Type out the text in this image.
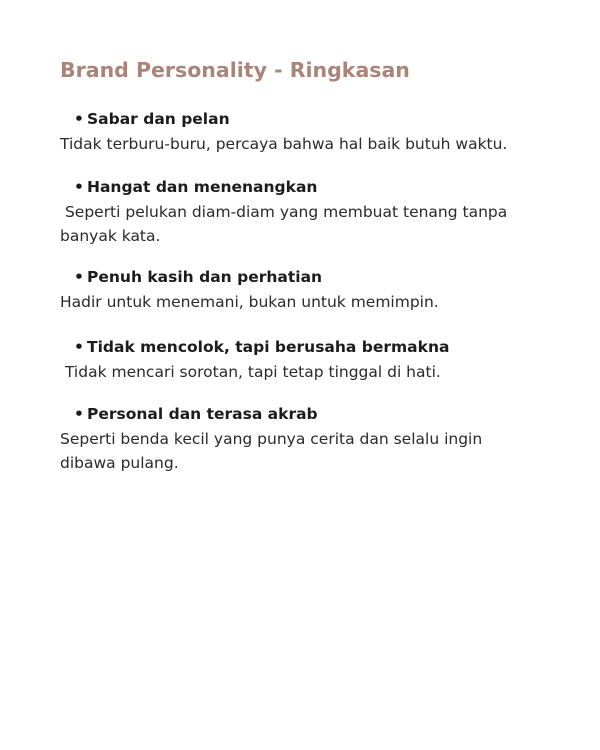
Brand Personality - Ringkasan
• Sabar dan pelan

Tidak terburu-buru, percaya bahwa hal baik butuh waktu.

• Hangat dan menenangkan

Seperti pelukan diam-diam yang membuat tenang tanpa banyak kata.

• Penuh kasih dan perhatian

Hadir untuk menemani, bukan untuk memimpin.

• Tidak mencolok, tapi berusaha bermakna

Tidak mencari sorotan, tapi tetap tinggal di hati.

• Personal dan terasa akrab

Seperti benda kecil yang punya cerita dan selalu ingin dibawa pulang.
